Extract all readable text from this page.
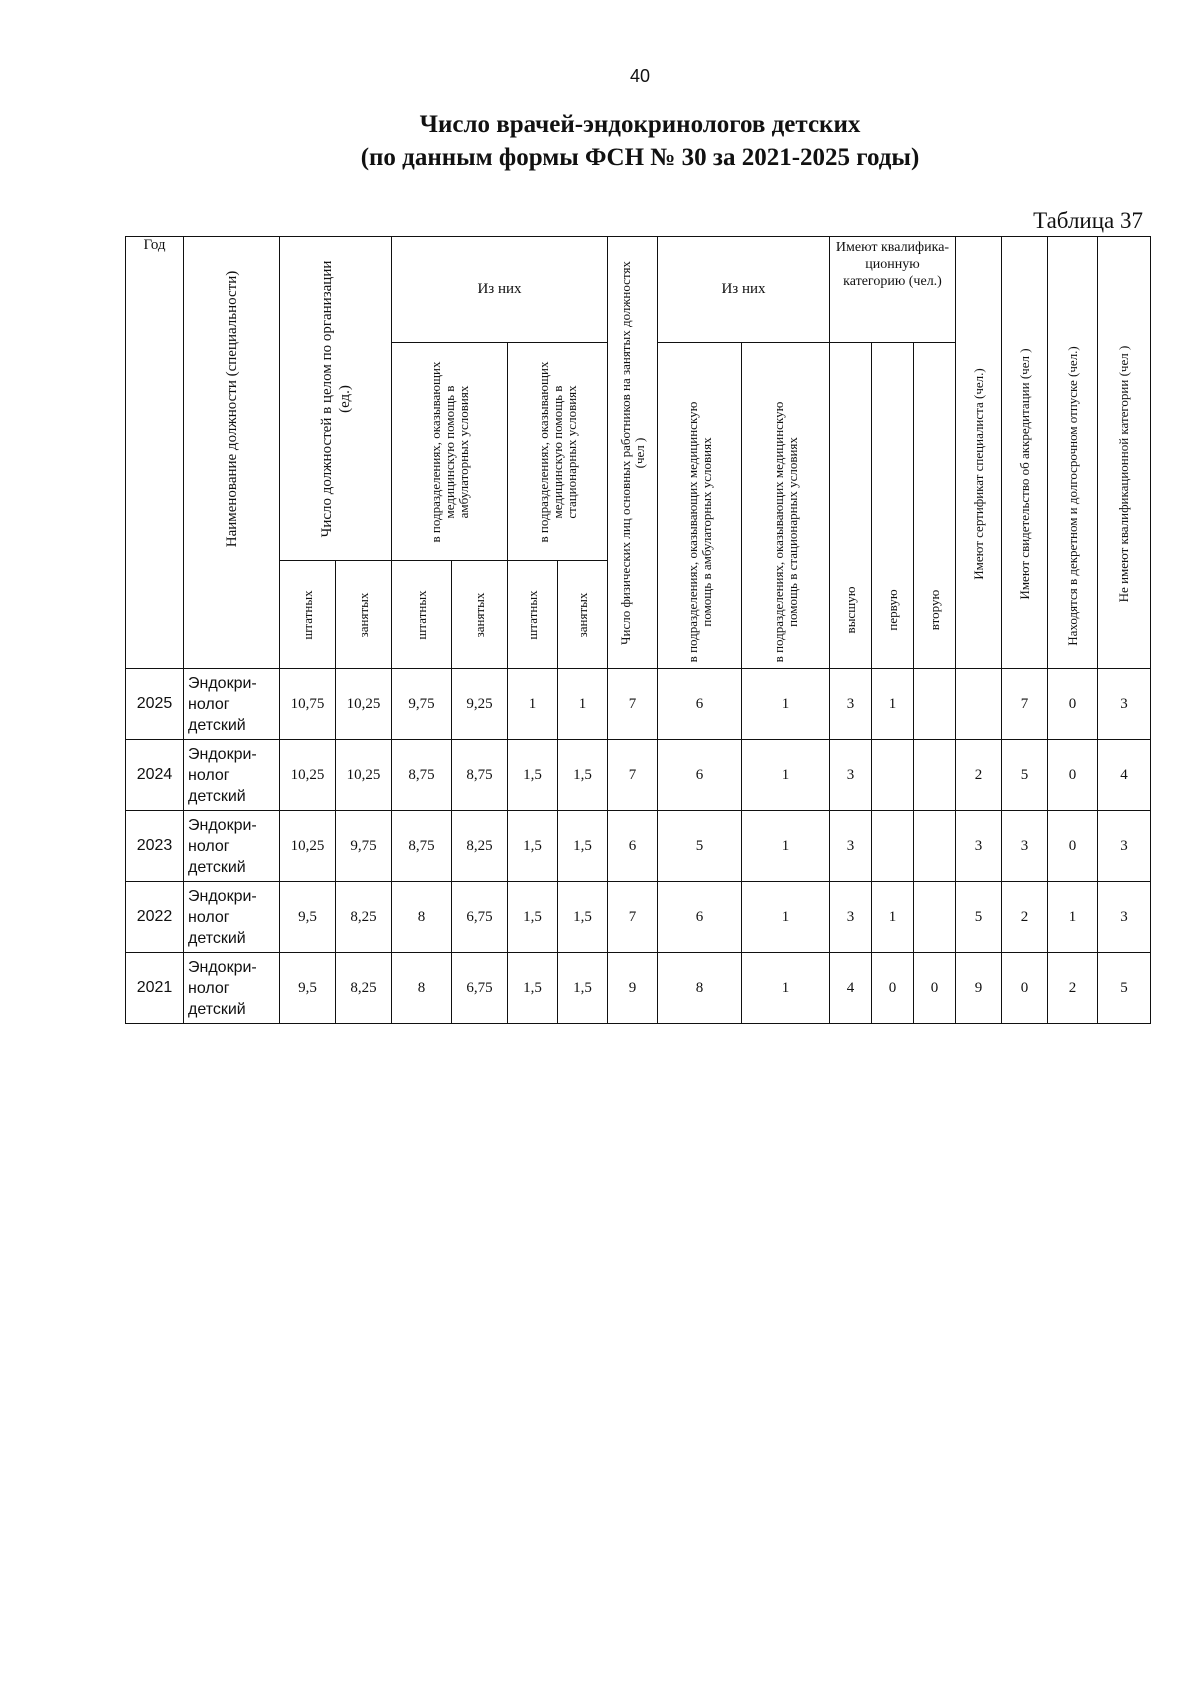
40
Число врачей-эндокринологов детских
(по данным формы ФСН № 30 за 2021-2025 годы)
Таблица 37
Год	Наименование должности (специальности)	Число должностей в целом по организации (ед.)		Из них				Число физических лиц основных работников на занятых должностях (чел )	Из них		Имеют квалифика-ционную категорию (чел.)			Имеют сертификат специалиста (чел.)	Имеют свидетельство об аккредитации (чел )	Находятся в декретном и долгосрочном отпуске (чел.)	Не имеют квалификационной категории (чел )

				в подразделениях, оказывающих медицинскую помощь в амбулаторных условиях		в подразделениях, оказывающих медицинскую помощь в стационарных условиях			в подразделениях, оказывающих медицинскую помощь в амбулаторных условиях	в подразделениях, оказывающих медицинскую помощь в стационарных условиях	высшую	первую	вторую				

		штатных	занятых	штатных	занятых	штатных	занятых										

2025	Эндокри-
нолог
детский	10,75	10,25	9,75	9,25	1	1	7	6	1	3	1			7	0	3
2024	Эндокри-
нолог
детский	10,25	10,25	8,75	8,75	1,5	1,5	7	6	1	3			2	5	0	4
2023	Эндокри-
нолог
детский	10,25	9,75	8,75	8,25	1,5	1,5	6	5	1	3			3	3	0	3
2022	Эндокри-
нолог
детский	9,5	8,25	8	6,75	1,5	1,5	7	6	1	3	1		5	2	1	3
2021	Эндокри-
нолог
детский	9,5	8,25	8	6,75	1,5	1,5	9	8	1	4	0	0	9	0	2	5
